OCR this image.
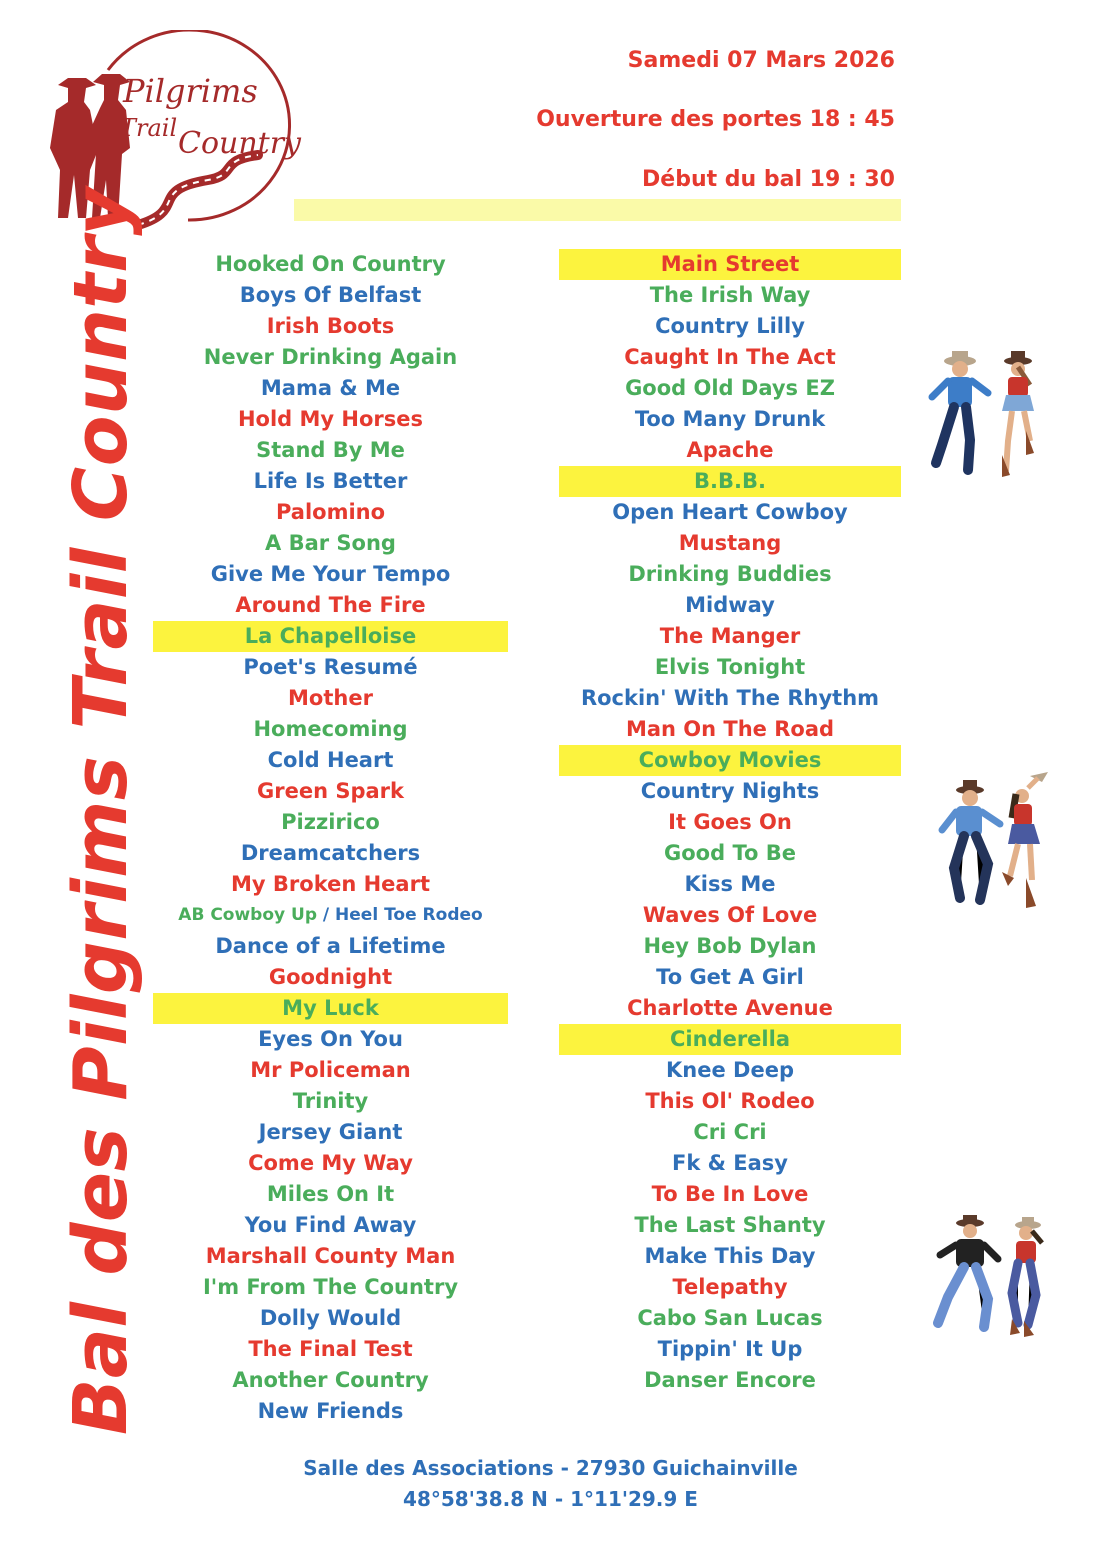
Pilgrims
Trail Country
Samedi 07 Mars 2026
Ouverture des portes 18 : 45
Début du bal 19 : 30
Bal des Pilgrims Trail Country	Hooked On Country
Boys Of Belfast
Irish Boots
Never Drinking Again
Mama & Me
Hold My Horses
Stand By Me
Life Is Better
Palomino
A Bar Song
Give Me Your Tempo
Around The Fire
La Chapelloise
Poet's Resumé
Mother
Homecoming
Cold Heart
Green Spark
Pizzirico
Dreamcatchers
My Broken Heart
AB Cowboy Up / Heel Toe Rodeo
Dance of a Lifetime
Goodnight
My Luck
Eyes On You
Mr Policeman
Trinity
Jersey Giant
Come My Way
Miles On It
You Find Away
Marshall County Man
I'm From The Country
Dolly Would
The Final Test
Another Country
New Friends
Main Street
The Irish Way
Country Lilly
Caught In The Act
Good Old Days EZ
Too Many Drunk
Apache
B.B.B.
Open Heart Cowboy
Mustang
Drinking Buddies
Midway
The Manger
Elvis Tonight
Rockin' With The Rhythm
Man On The Road
Cowboy Movies
Country Nights
It Goes On
Good To Be
Kiss Me
Waves Of Love
Hey Bob Dylan
To Get A Girl
Charlotte Avenue
Cinderella
Knee Deep
This Ol' Rodeo
Cri Cri
Fk & Easy
To Be In Love
The Last Shanty
Make This Day
Telepathy
Cabo San Lucas
Tippin' It Up
Danser Encore
Salle des Associations - 27930 Guichainville
48°58'38.8 N - 1°11'29.9 E
